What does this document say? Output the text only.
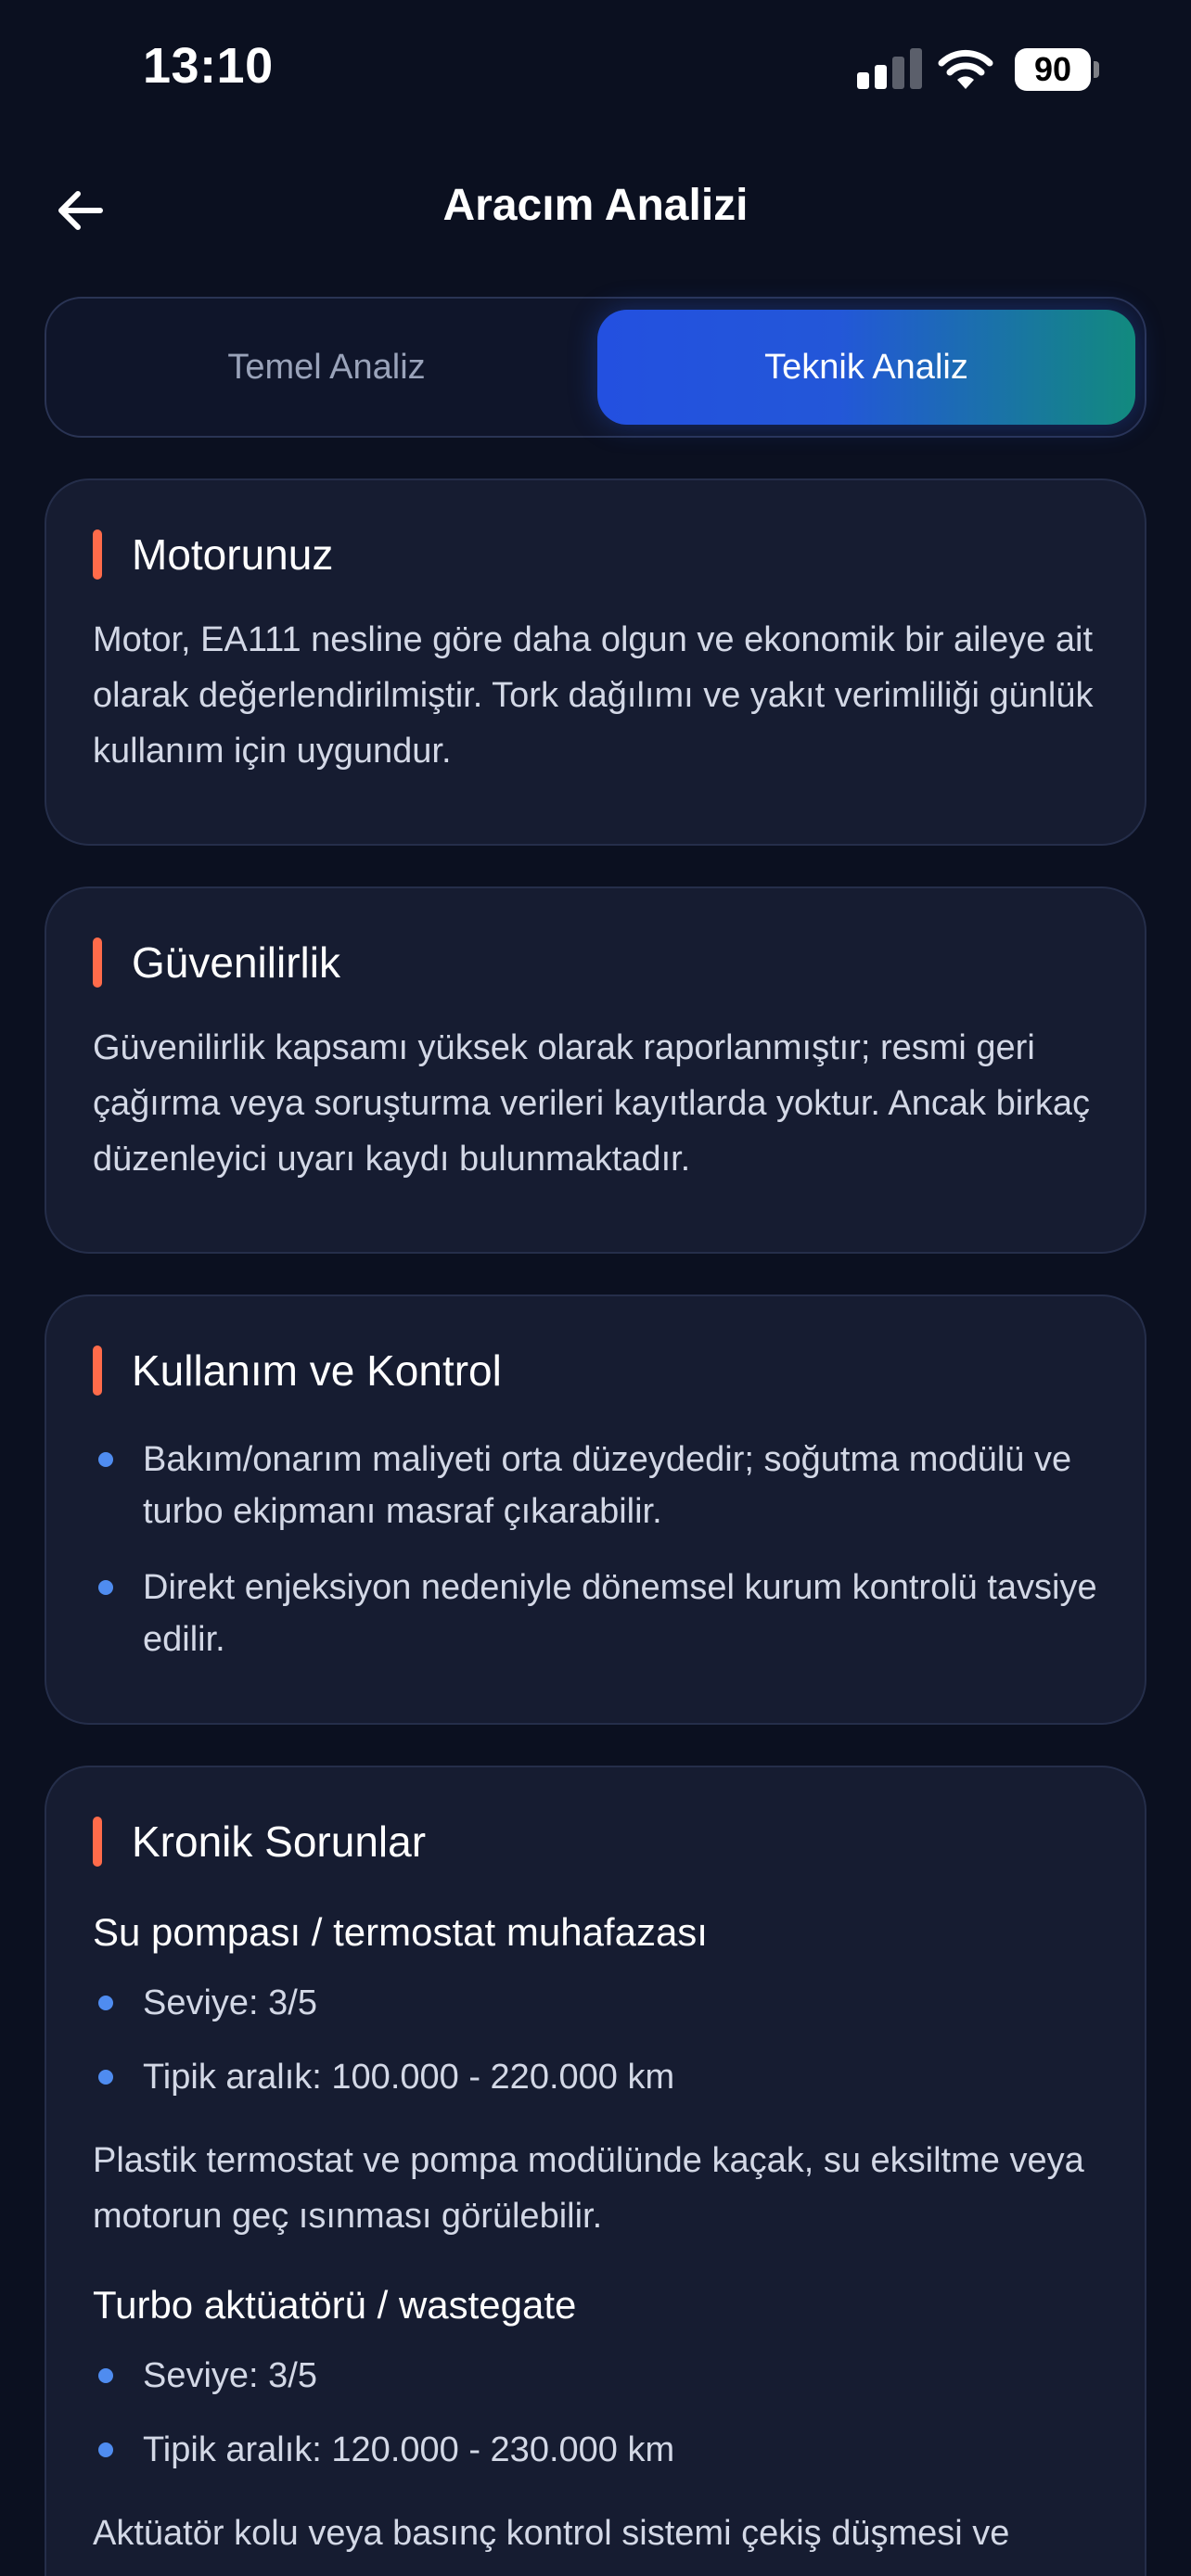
13:10	90
Aracım Analizi
Temel Analiz	Teknik Analiz
Motorunuz
Motor, EA111 nesline göre daha olgun ve ekonomik bir aileye ait olarak değerlendirilmiştir. Tork dağılımı ve yakıt verimliliği günlük kullanım için uygundur.
Güvenilirlik
Güvenilirlik kapsamı yüksek olarak raporlanmıştır; resmi geri çağırma veya soruşturma verileri kayıtlarda yoktur. Ancak birkaç düzenleyici uyarı kaydı bulunmaktadır.
Kullanım ve Kontrol
Bakım/onarım maliyeti orta düzeydedir; soğutma modülü ve turbo ekipmanı masraf çıkarabilir.
Direkt enjeksiyon nedeniyle dönemsel kurum kontrolü tavsiye edilir.
Kronik Sorunlar
Su pompası / termostat muhafazası
Seviye: 3/5
Tipik aralık: 100.000 - 220.000 km
Plastik termostat ve pompa modülünde kaçak, su eksiltme veya motorun geç ısınması görülebilir.
Turbo aktüatörü / wastegate
Seviye: 3/5
Tipik aralık: 120.000 - 230.000 km
Aktüatör kolu veya basınç kontrol sistemi çekiş düşmesi ve
